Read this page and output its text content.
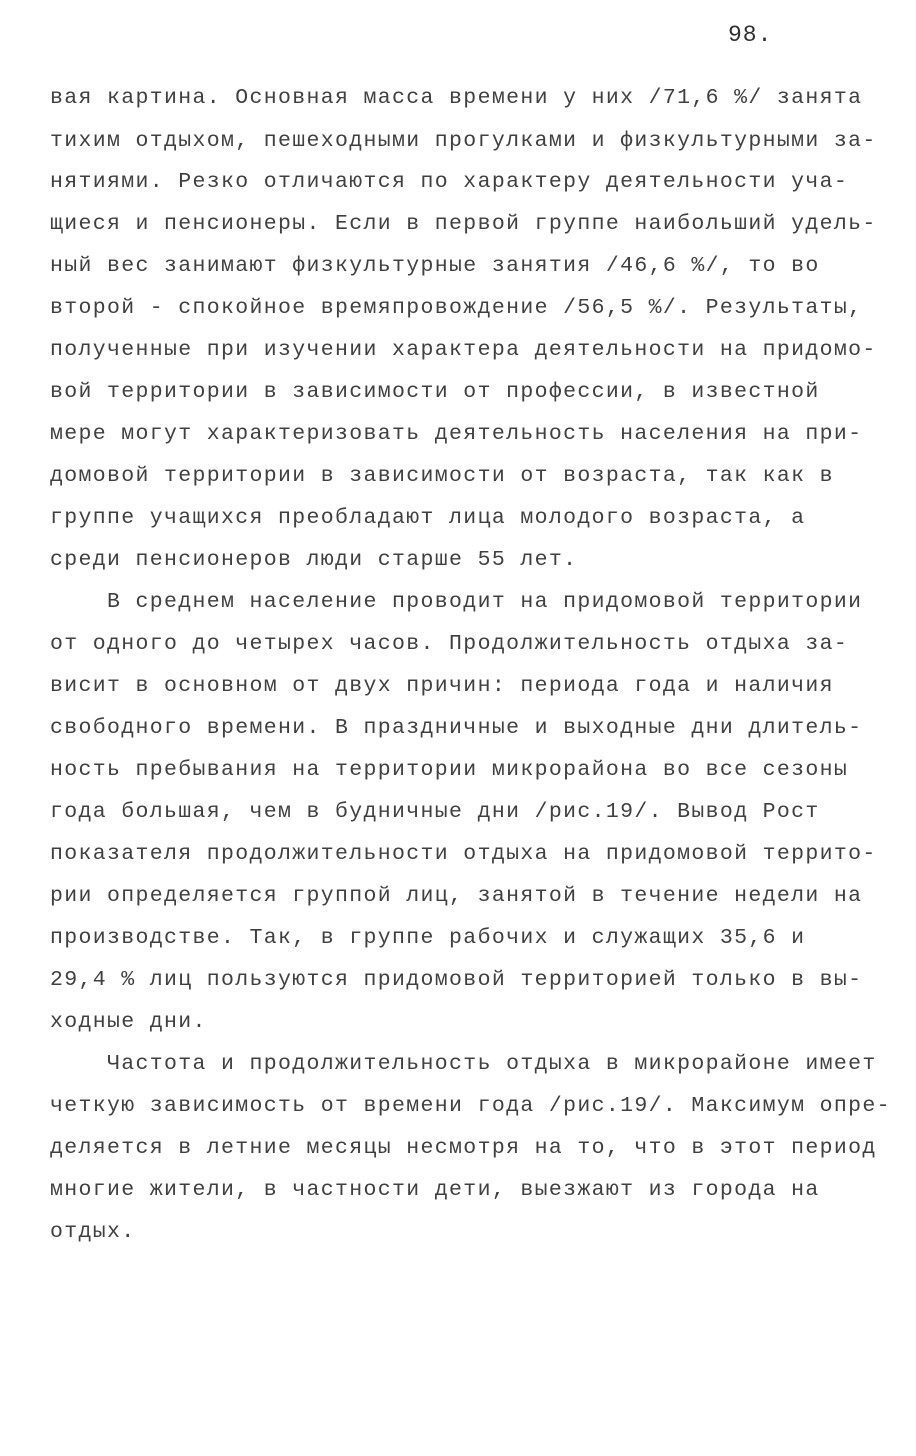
98.
вая картина. Основная масса времени у них /71,6 %/ занята
тихим отдыхом, пешеходными прогулками и физкультурными за-
нятиями. Резко отличаются по характеру деятельности уча-
щиеся и пенсионеры. Если в первой группе наибольший удель-
ный вес занимают физкультурные занятия /46,6 %/, то во
второй - спокойное времяпровождение /56,5 %/. Результаты,
полученные при изучении характера деятельности на придомо-
вой территории в зависимости от профессии, в известной
мере могут характеризовать деятельность населения на при-
домовой территории в зависимости от возраста, так как в
группе учащихся преобладают лица молодого возраста, а
среди пенсионеров люди старше 55 лет.
В среднем население проводит на придомовой территории
от одного до четырех часов. Продолжительность отдыха за-
висит в основном от двух причин: периода года и наличия
свободного времени. В праздничные и выходные дни длитель-
ность пребывания на территории микрорайона во все сезоны
года большая, чем в будничные дни /рис.19/. Вывод Рост
показателя продолжительности отдыха на придомовой террито-
рии определяется группой лиц, занятой в течение недели на
производстве. Так, в группе рабочих и служащих 35,6 и
29,4 % лиц пользуются придомовой территорией только в вы-
ходные дни.
Частота и продолжительность отдыха в микрорайоне имеет
четкую зависимость от времени года /рис.19/. Максимум опре-
деляется в летние месяцы несмотря на то, что в этот период
многие жители, в частности дети, выезжают из города на
отдых.
